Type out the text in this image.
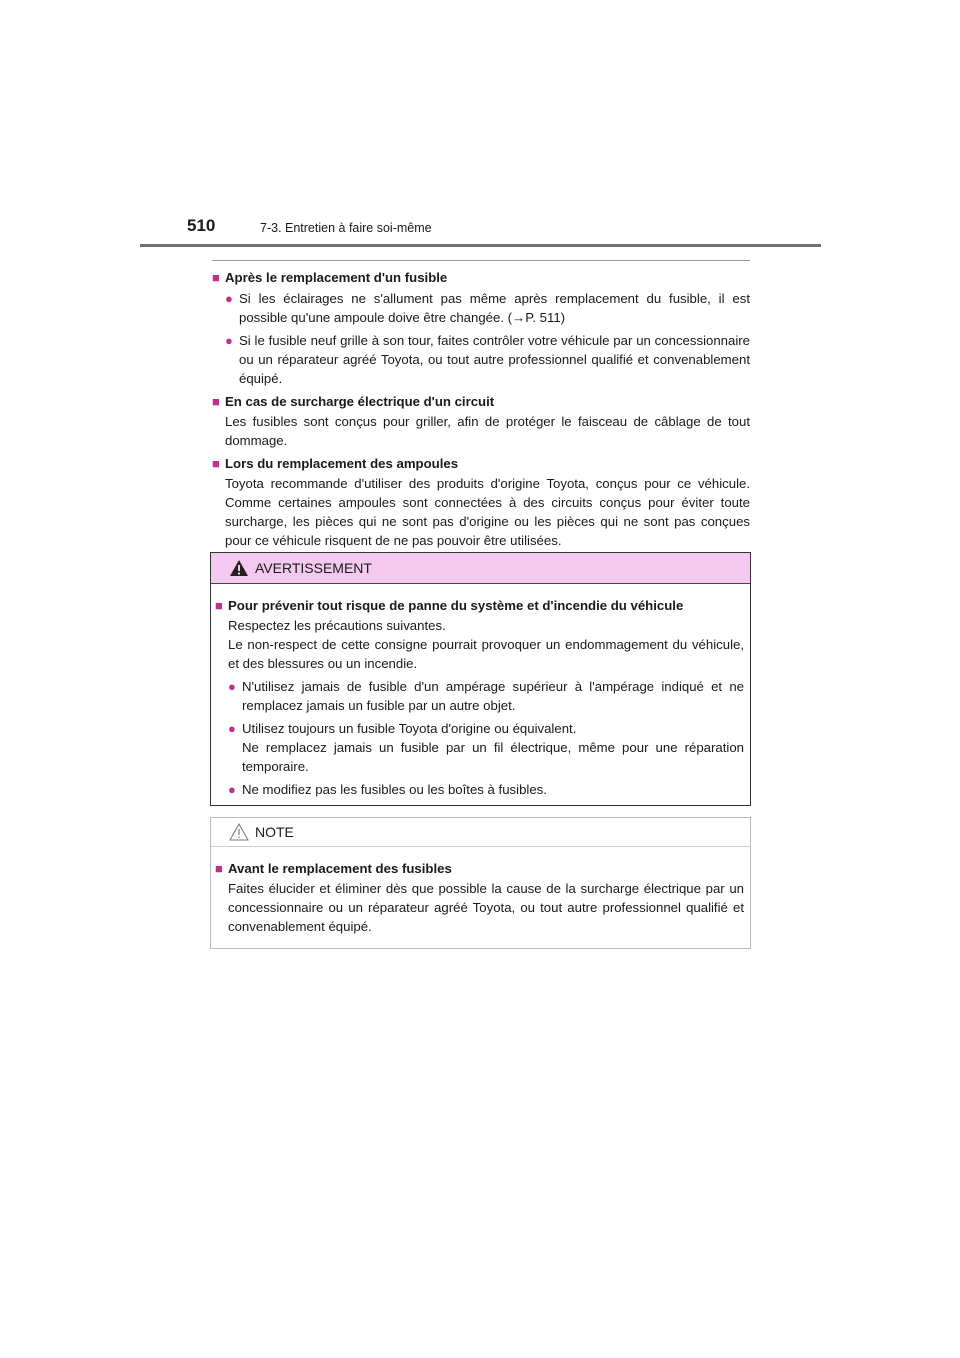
510	7-3. Entretien à faire soi-même
■ Après le remplacement d'un fusible
● Si les éclairages ne s'allument pas même après remplacement du fusible, il est possible qu'une ampoule doive être changée. (→P. 511)
● Si le fusible neuf grille à son tour, faites contrôler votre véhicule par un concessionnaire ou un réparateur agréé Toyota, ou tout autre professionnel qualifié et convenablement équipé.
■ En cas de surcharge électrique d'un circuit
Les fusibles sont conçus pour griller, afin de protéger le faisceau de câblage de tout dommage.
■ Lors du remplacement des ampoules
Toyota recommande d'utiliser des produits d'origine Toyota, conçus pour ce véhicule. Comme certaines ampoules sont connectées à des circuits conçus pour éviter toute surcharge, les pièces qui ne sont pas d'origine ou les pièces qui ne sont pas conçues pour ce véhicule risquent de ne pas pouvoir être utilisées.
AVERTISSEMENT
■ Pour prévenir tout risque de panne du système et d'incendie du véhicule
Respectez les précautions suivantes.
Le non-respect de cette consigne pourrait provoquer un endommagement du véhicule, et des blessures ou un incendie.
● N'utilisez jamais de fusible d'un ampérage supérieur à l'ampérage indiqué et ne remplacez jamais un fusible par un autre objet.
● Utilisez toujours un fusible Toyota d'origine ou équivalent.
Ne remplacez jamais un fusible par un fil électrique, même pour une réparation temporaire.
● Ne modifiez pas les fusibles ou les boîtes à fusibles.
NOTE
■ Avant le remplacement des fusibles
Faites élucider et éliminer dès que possible la cause de la surcharge électrique par un concessionnaire ou un réparateur agréé Toyota, ou tout autre professionnel qualifié et convenablement équipé.
